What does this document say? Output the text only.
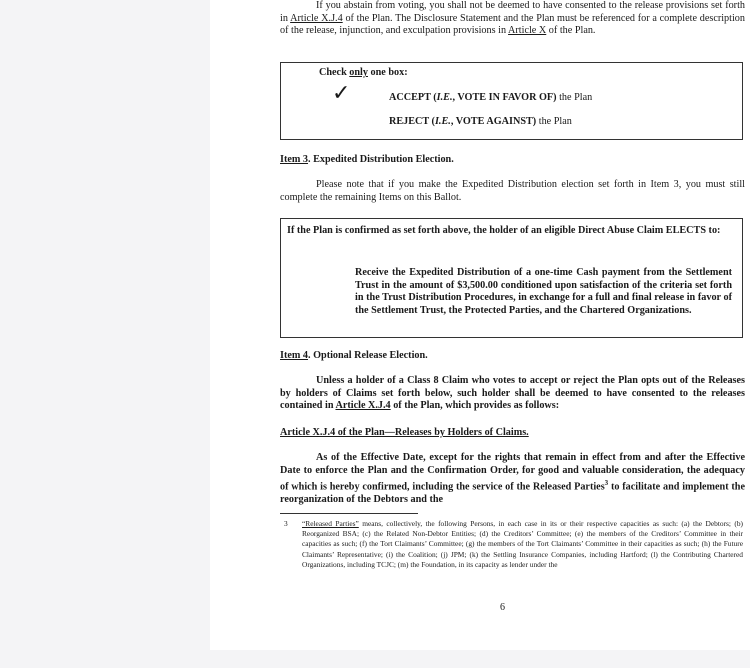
If you abstain from voting, you shall not be deemed to have consented to the release provisions set forth in Article X.J.4 of the Plan. The Disclosure Statement and the Plan must be referenced for a complete description of the release, injunction, and exculpation provisions in Article X of the Plan.

Check only one box:
✓	ACCEPT (I.E., VOTE IN FAVOR OF) the Plan
REJECT (I.E., VOTE AGAINST) the Plan
Item 3. Expedited Distribution Election.

Please note that if you make the Expedited Distribution election set forth in Item 3, you must still complete the remaining Items on this Ballot.

If the Plan is confirmed as set forth above, the holder of an eligible Direct Abuse Claim ELECTS to:

Receive the Expedited Distribution of a one-time Cash payment from the Settlement Trust in the amount of $3,500.00 conditioned upon satisfaction of the criteria set forth in the Trust Distribution Procedures, in exchange for a full and final release in favor of the Settlement Trust, the Protected Parties, and the Chartered Organizations.

Item 4. Optional Release Election.

Unless a holder of a Class 8 Claim who votes to accept or reject the Plan opts out of the Releases by holders of Claims set forth below, such holder shall be deemed to have consented to the releases contained in Article X.J.4 of the Plan, which provides as follows:

Article X.J.4 of the Plan—Releases by Holders of Claims.

As of the Effective Date, except for the rights that remain in effect from and after the Effective Date to enforce the Plan and the Confirmation Order, for good and valuable consideration, the adequacy of which is hereby confirmed, including the service of the Released Parties$^3$ to facilitate and implement the reorganization of the Debtors and the

3	“Released Parties” means, collectively, the following Persons, in each case in its or their respective capacities as such: (a) the Debtors; (b) Reorganized BSA; (c) the Related Non-Debtor Entities; (d) the Creditors’ Committee; (e) the members of the Creditors’ Committee in their capacities as such; (f) the Tort Claimants’ Committee; (g) the members of the Tort Claimants’ Committee in their capacities as such; (h) the Future Claimants’ Representative; (i) the Coalition; (j) JPM; (k) the Settling Insurance Companies, including Hartford; (l) the Contributing Chartered Organizations, including TCJC; (m) the Foundation, in its capacity as lender under the

6
